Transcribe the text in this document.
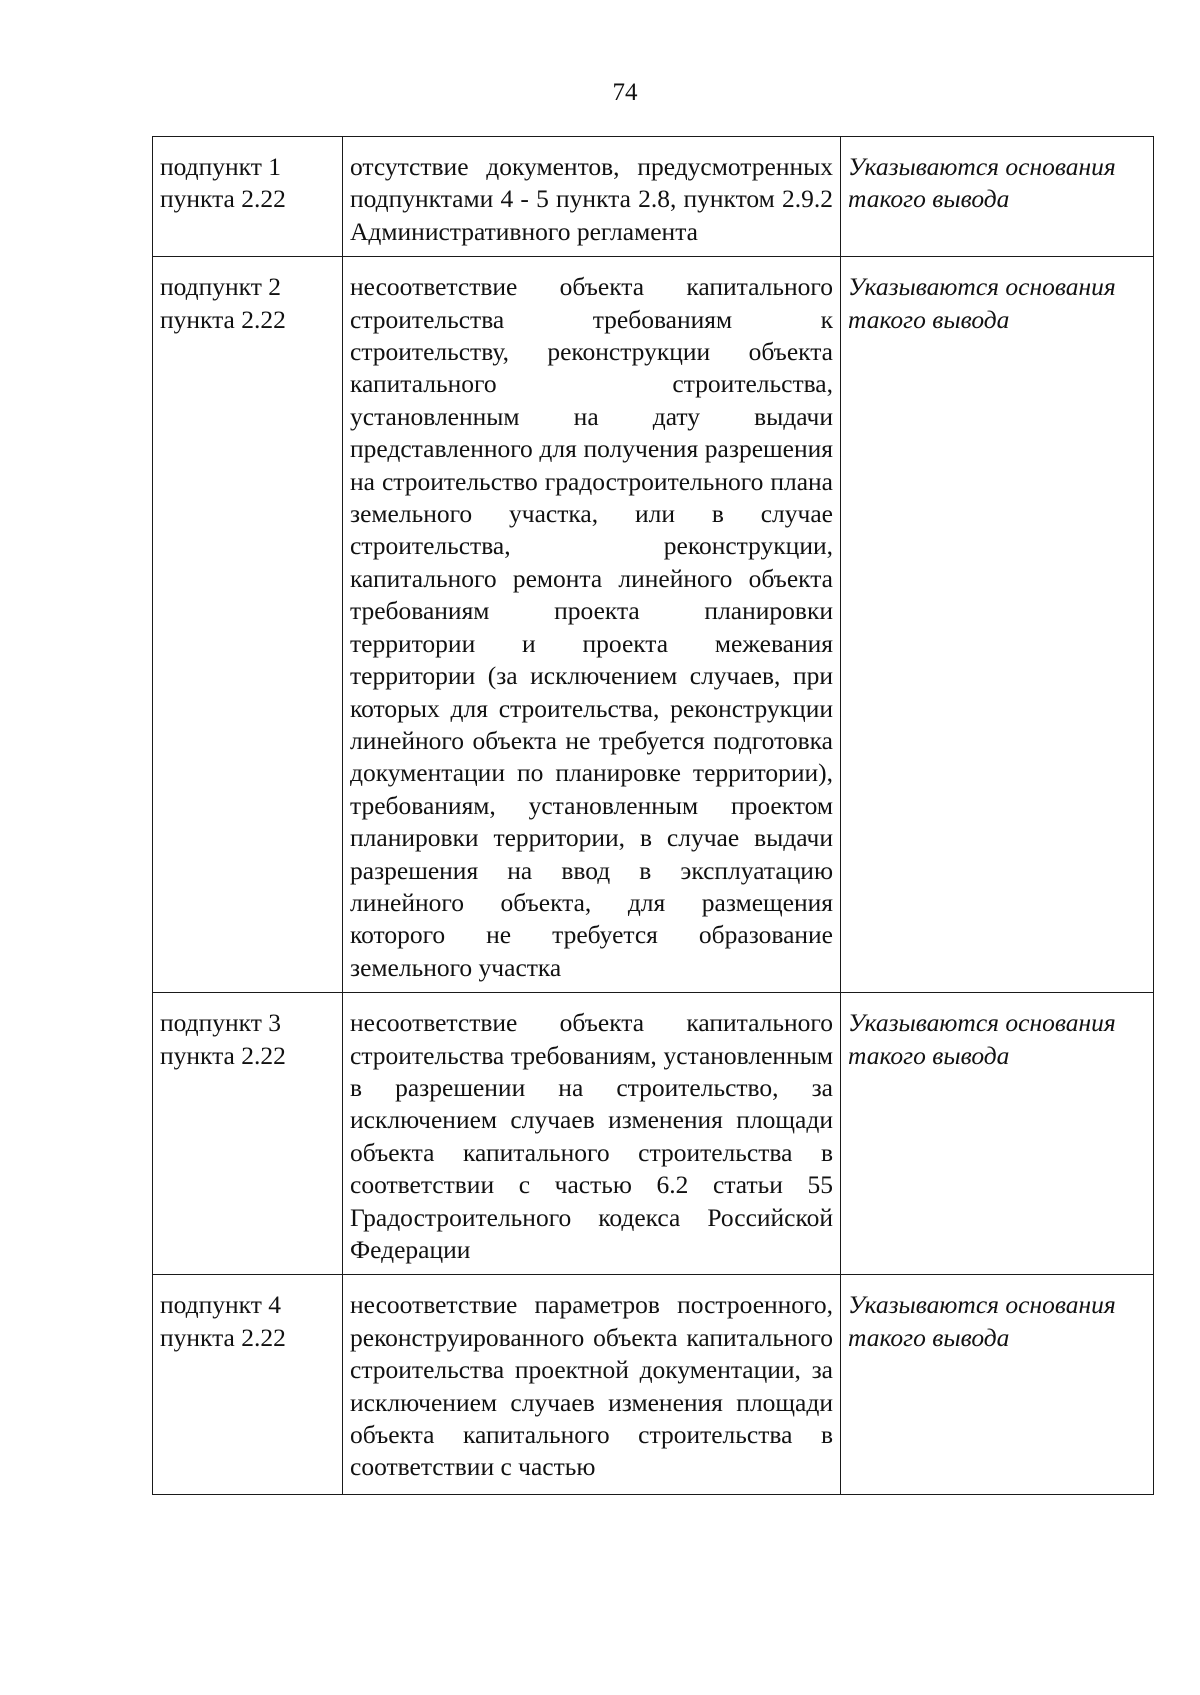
74
подпункт 1
пункта 2.22	отсутствие документов, предусмотренных подпунктами 4 - 5 пункта 2.8, пунктом 2.9.2 Административного регламента	Указываются основания такого вывода
подпункт 2
пункта 2.22	несоответствие объекта капитального строительства требованиям к строительству, реконструкции объекта капитального строительства, установленным на дату выдачи представленного для получения разрешения на строительство градостроительного плана земельного участка, или в случае строительства, реконструкции, капитального ремонта линейного объекта требованиям проекта планировки территории и проекта межевания территории (за исключением случаев, при которых для строительства, реконструкции линейного объекта не требуется подготовка документации по планировке территории), требованиям, установленным проектом планировки территории, в случае выдачи разрешения на ввод в эксплуатацию линейного объекта, для размещения которого не требуется образование земельного участка	Указываются основания такого вывода
подпункт 3
пункта 2.22	несоответствие объекта капитального строительства требованиям, установленным в разрешении на строительство, за исключением случаев изменения площади объекта капитального строительства в соответствии с частью 6.2 статьи 55 Градостроительного кодекса Российской Федерации	Указываются основания такого вывода
подпункт 4
пункта 2.22	несоответствие параметров построенного, реконструированного объекта капитального строительства проектной документации, за исключением случаев изменения площади объекта капитального строительства в соответствии с частью	Указываются основания такого вывода
